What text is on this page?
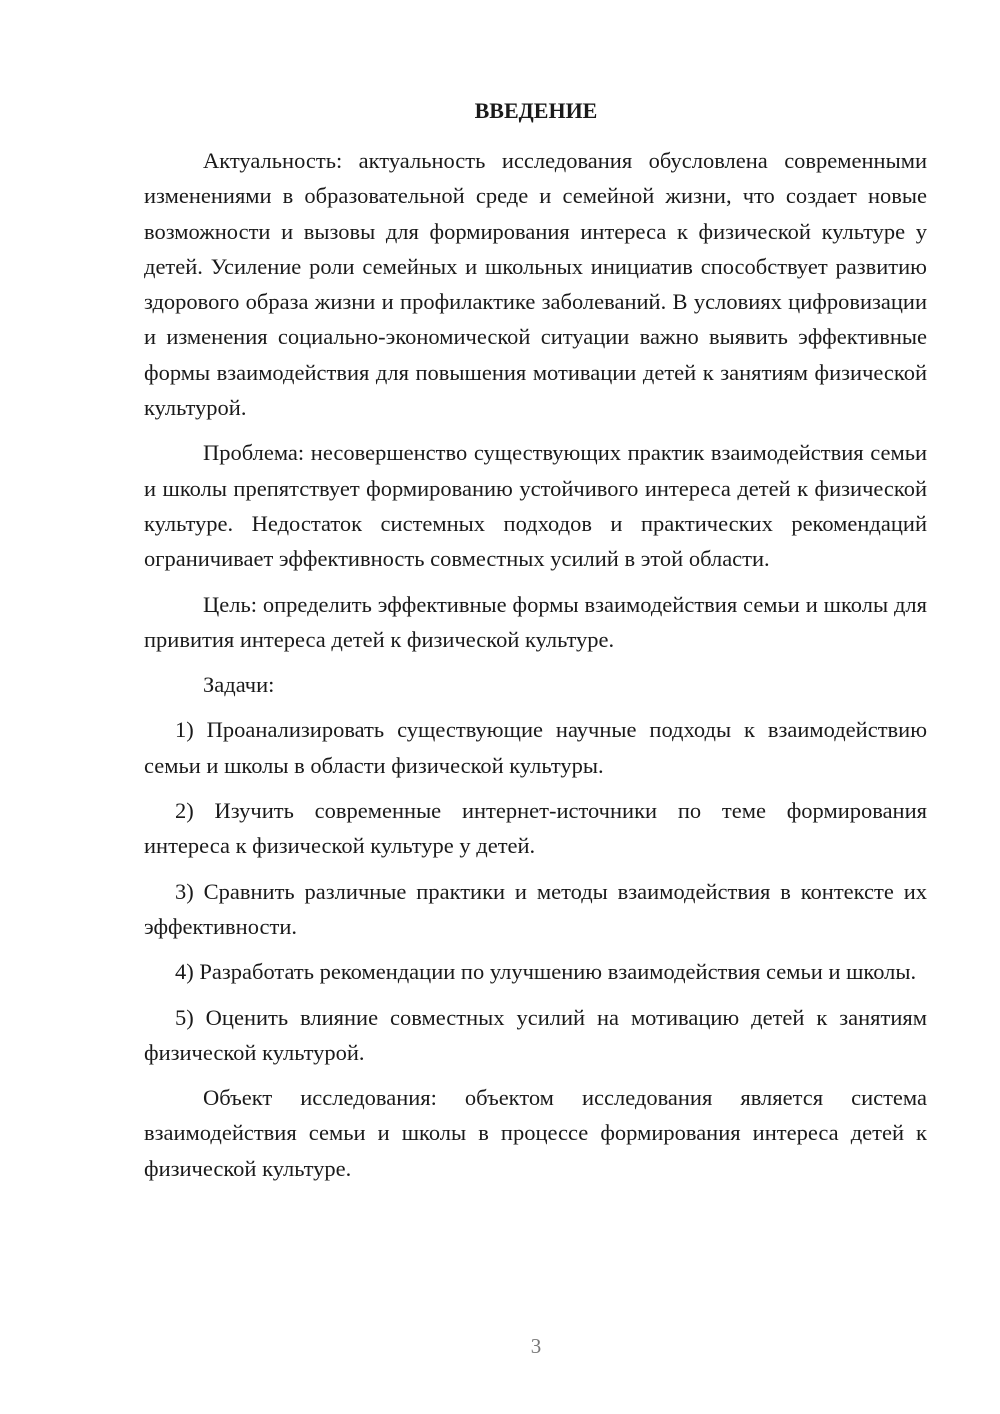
ВВЕДЕНИЕ

Актуальность: актуальность исследования обусловлена современными изменениями в образовательной среде и семейной жизни, что создает новые возможности и вызовы для формирования интереса к физической культуре у детей. Усиление роли семейных и школьных инициатив способствует развитию здорового образа жизни и профилактике заболеваний. В условиях цифровизации и изменения социально-экономической ситуации важно выявить эффективные формы взаимодействия для повышения мотивации детей к занятиям физической культурой.

Проблема: несовершенство существующих практик взаимодействия семьи и школы препятствует формированию устойчивого интереса детей к физической культуре. Недостаток системных подходов и практических рекомендаций ограничивает эффективность совместных усилий в этой области.

Цель: определить эффективные формы взаимодействия семьи и школы для привития интереса детей к физической культуре.

Задачи:

1) Проанализировать существующие научные подходы к взаимодействию семьи и школы в области физической культуры.

2) Изучить современные интернет-источники по теме формирования интереса к физической культуре у детей.

3) Сравнить различные практики и методы взаимодействия в контексте их эффективности.

4) Разработать рекомендации по улучшению взаимодействия семьи и школы.

5) Оценить влияние совместных усилий на мотивацию детей к занятиям физической культурой.

Объект исследования: объектом исследования является система взаимодействия семьи и школы в процессе формирования интереса детей к физической культуре.

3
